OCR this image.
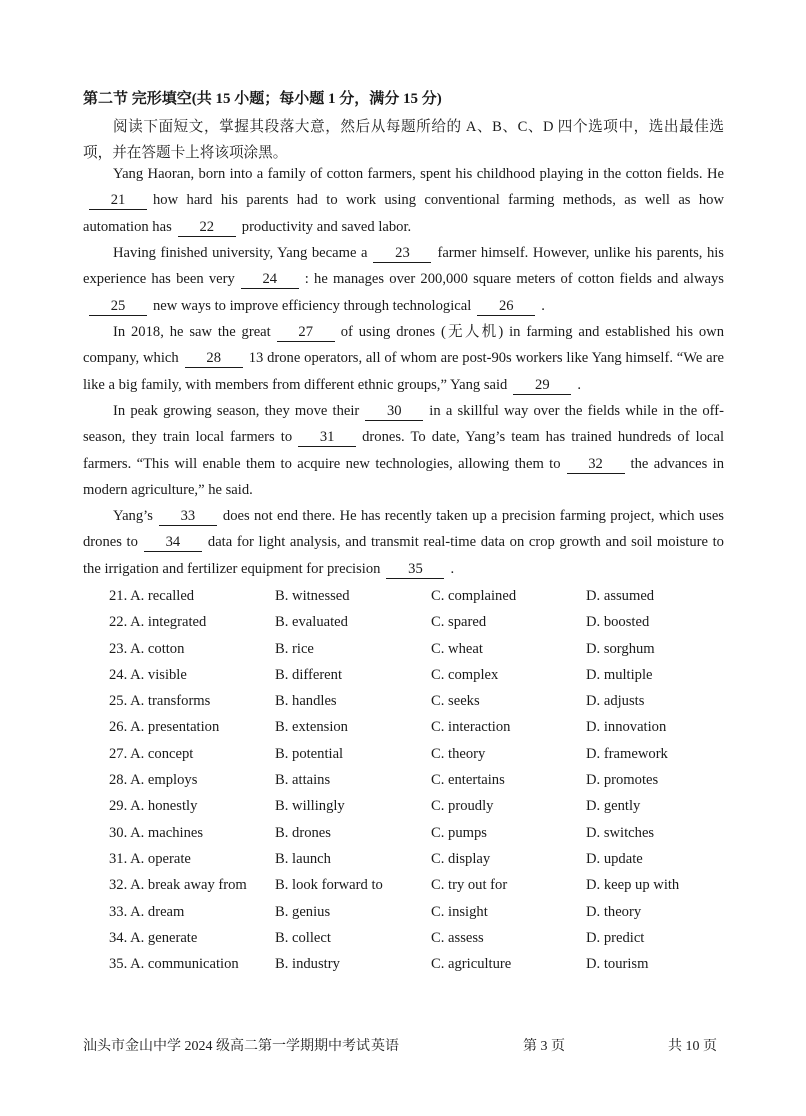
第二节 完形填空(共 15 小题；每小题 1 分，满分 15 分)

阅读下面短文，掌握其段落大意，然后从每题所给的 A、B、C、D 四个选项中，选出最佳选项，并在答题卡上将该项涂黑。

Yang Haoran, born into a family of cotton farmers, spent his childhood playing in the cotton fields. He21 how hard his parents had to work using conventional farming methods, as well as how automation has 22 productivity and saved labor.

Having finished university, Yang became a 23 farmer himself. However, unlike his parents, his experience has been very 24 : he manages over 200,000 square meters of cotton fields and always25 new ways to improve efficiency through technological 26 .

In 2018, he saw the great 27 of using drones (无人机) in farming and established his own company, which 28 13 drone operators, all of whom are post-90s workers like Yang himself. “We are like a big family, with members from different ethnic groups,” Yang said 29 .

In peak growing season, they move their 30 in a skillful way over the fields while in the off-season, they train local farmers to 31 drones. To date, Yang’s team has trained hundreds of local farmers. “This will enable them to acquire new technologies, allowing them to 32 the advances in modern agriculture,” he said.

Yang’s 33 does not end there. He has recently taken up a precision farming project, which uses drones to 34 data for light analysis, and transmit real-time data on crop growth and soil moisture to the irrigation and fertilizer equipment for precision 35 .

21. A. recalled	B. witnessed	C. complained	D. assumed
22. A. integrated	B. evaluated	C. spared	D. boosted
23. A. cotton	B. rice	C. wheat	D. sorghum
24. A. visible	B. different	C. complex	D. multiple
25. A. transforms	B. handles	C. seeks	D. adjusts
26. A. presentation	B. extension	C. interaction	D. innovation
27. A. concept	B. potential	C. theory	D. framework
28. A. employs	B. attains	C. entertains	D. promotes
29. A. honestly	B. willingly	C. proudly	D. gently
30. A. machines	B. drones	C. pumps	D. switches
31. A. operate	B. launch	C. display	D. update
32. A. break away from B. look forward to	C. try out for	D. keep up with
33. A. dream	B. genius	C. insight	D. theory
34. A. generate	B. collect	C. assess	D. predict
35. A. communication B. industry	C. agriculture	D. tourism
汕头市金山中学 2024 级高二第一学期期中考试 英语	第 3 页	共 10 页
